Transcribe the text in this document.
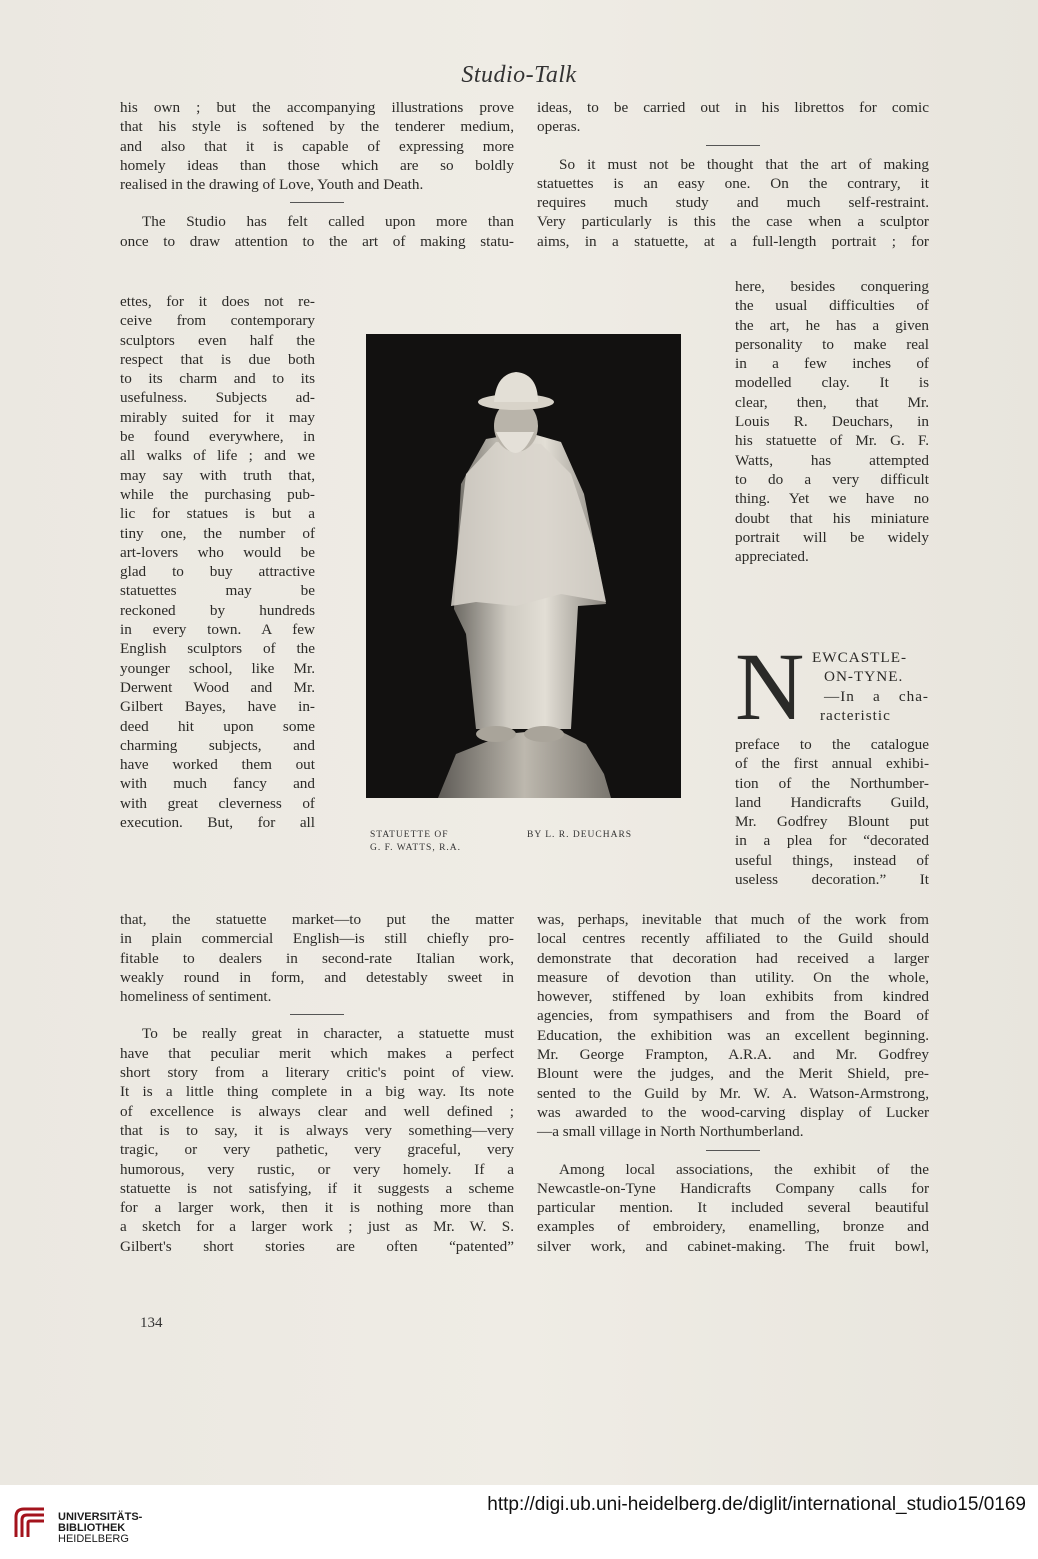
Studio-Talk
his own ; but the accompanying illustrations prove
that his style is softened by the tenderer medium,
and also that it is capable of expressing more
homely ideas than those which are so boldly
realised in the drawing of Love, Youth and Death.
The Studio has felt called upon more than
once to draw attention to the art of making statu-
ettes, for it does not re-
ceive from contemporary
sculptors even half the
respect that is due both
to its charm and to its
usefulness. Subjects ad-
mirably suited for it may
be found everywhere, in
all walks of life ; and we
may say with truth that,
while the purchasing pub-
lic for statues is but a
tiny one, the number of
art-lovers who would be
glad to buy attractive
statuettes may be
reckoned by hundreds
in every town. A few
English sculptors of the
younger school, like Mr.
Derwent Wood and Mr.
Gilbert Bayes, have in-
deed hit upon some
charming subjects, and
have worked them out
with much fancy and
with great cleverness of
execution. But, for all
that, the statuette market—to put the matter
in plain commercial English—is still chiefly pro-
fitable to dealers in second-rate Italian work,
weakly round in form, and detestably sweet in
homeliness of sentiment.
To be really great in character, a statuette must
have that peculiar merit which makes a perfect
short story from a literary critic's point of view.
It is a little thing complete in a big way. Its note
of excellence is always clear and well defined ;
that is to say, it is always very something—very
tragic, or very pathetic, very graceful, very
humorous, very rustic, or very homely. If a
statuette is not satisfying, if it suggests a scheme
for a larger work, then it is nothing more than
a sketch for a larger work ; just as Mr. W. S.
Gilbert's short stories are often “patented”
ideas, to be carried out in his librettos for comic
operas.
So it must not be thought that the art of making
statuettes is an easy one. On the contrary, it
requires much study and much self-restraint.
Very particularly is this the case when a sculptor
aims, in a statuette, at a full-length portrait ; for
here, besides conquering
the usual difficulties of
the art, he has a given
personality to make real
in a few inches of
modelled clay. It is
clear, then, that Mr.
Louis R. Deuchars, in
his statuette of Mr. G. F.
Watts, has attempted
to do a very difficult
thing. Yet we have no
doubt that his miniature
portrait will be widely
appreciated.
N EWCASTLE-
ON-TYNE.
—In a cha-
racteristic
preface to the catalogue
of the first annual exhibi-
tion of the Northumber-
land Handicrafts Guild,
Mr. Godfrey Blount put
in a plea for “decorated
useful things, instead of
useless decoration.” It
was, perhaps, inevitable that much of the work from
local centres recently affiliated to the Guild should
demonstrate that decoration had received a larger
measure of devotion than utility. On the whole,
however, stiffened by loan exhibits from kindred
agencies, from sympathisers and from the Board of
Education, the exhibition was an excellent beginning.
Mr. George Frampton, A.R.A. and Mr. Godfrey
Blount were the judges, and the Merit Shield, pre-
sented to the Guild by Mr. W. A. Watson-Armstrong,
was awarded to the wood-carving display of Lucker
—a small village in North Northumberland.
Among local associations, the exhibit of the
Newcastle-on-Tyne Handicrafts Company calls for
particular mention. It included several beautiful
examples of embroidery, enamelling, bronze and
silver work, and cabinet-making. The fruit bowl,
STATUETTE OF
G. F. WATTS, R.A.
BY L. R. DEUCHARS
134
UNIVERSITÄTS-
BIBLIOTHEK
HEIDELBERG
http://digi.ub.uni-heidelberg.de/diglit/international_studio15/0169
